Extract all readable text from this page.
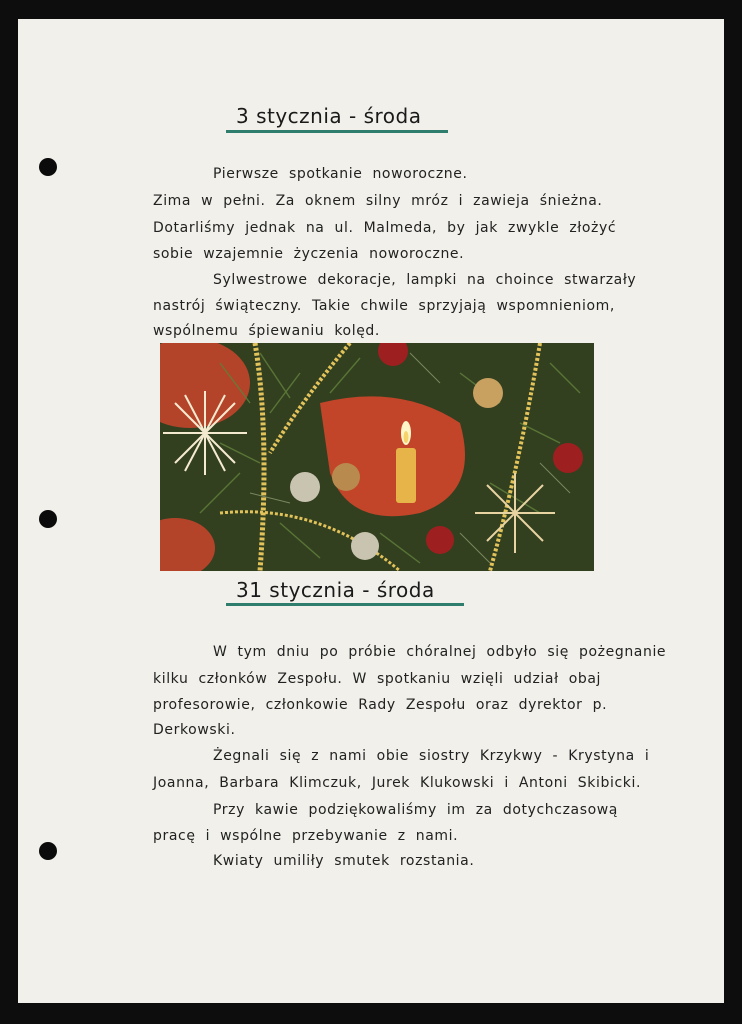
3 stycznia - środa
Pierwsze spotkanie noworoczne.
Zima w pełni. Za oknem silny mróz i zawieja śnieżna.
Dotarliśmy jednak na ul. Malmeda, by jak zwykle złożyć
sobie wzajemnie życzenia noworoczne.
Sylwestrowe dekoracje, lampki na choince stwarzały
nastrój świąteczny. Takie chwile sprzyjają wspomnieniom,
wspólnemu śpiewaniu kolęd.
31 stycznia - środa
W tym dniu po próbie chóralnej odbyło się pożegnanie
kilku członków Zespołu. W spotkaniu wzięli udział obaj
profesorowie, członkowie Rady Zespołu oraz dyrektor p.
Derkowski.
Żegnali się z nami obie siostry Krzykwy - Krystyna i
Joanna, Barbara Klimczuk, Jurek Klukowski i Antoni Skibicki.
Przy kawie podziękowaliśmy im za dotychczasową
pracę i wspólne przebywanie z nami.
Kwiaty umiliły smutek rozstania.
